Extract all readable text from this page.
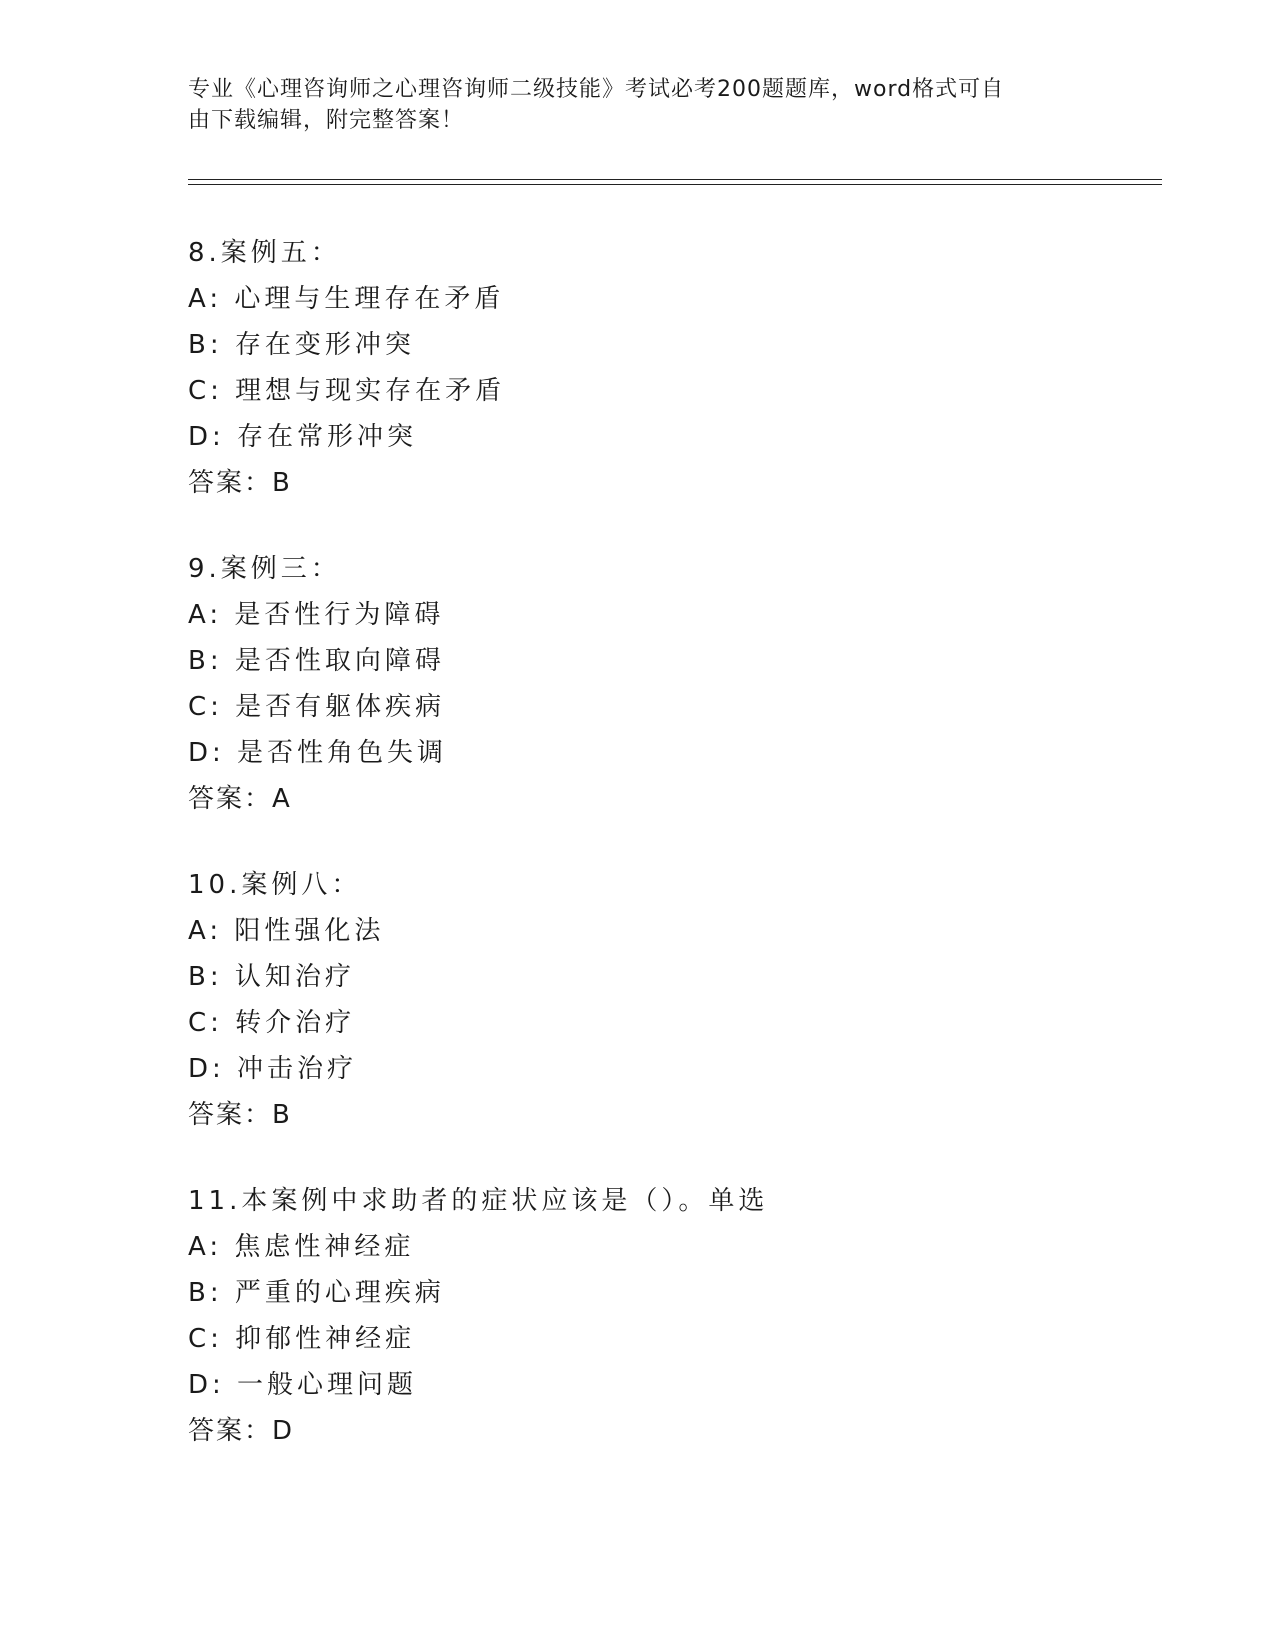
专业《心理咨询师之心理咨询师二级技能》考试必考200题题库，word格式可自
由下载编辑，附完整答案！
8.案例五：
A: 心理与生理存在矛盾
B: 存在变形冲突
C: 理想与现实存在矛盾
D: 存在常形冲突
答案：B
9.案例三：
A: 是否性行为障碍
B: 是否性取向障碍
C: 是否有躯体疾病
D: 是否性角色失调
答案：A
10.案例八：
A: 阳性强化法
B: 认知治疗
C: 转介治疗
D: 冲击治疗
答案：B
11.本案例中求助者的症状应该是（）。单选
A: 焦虑性神经症
B: 严重的心理疾病
C: 抑郁性神经症
D: 一般心理问题
答案：D
